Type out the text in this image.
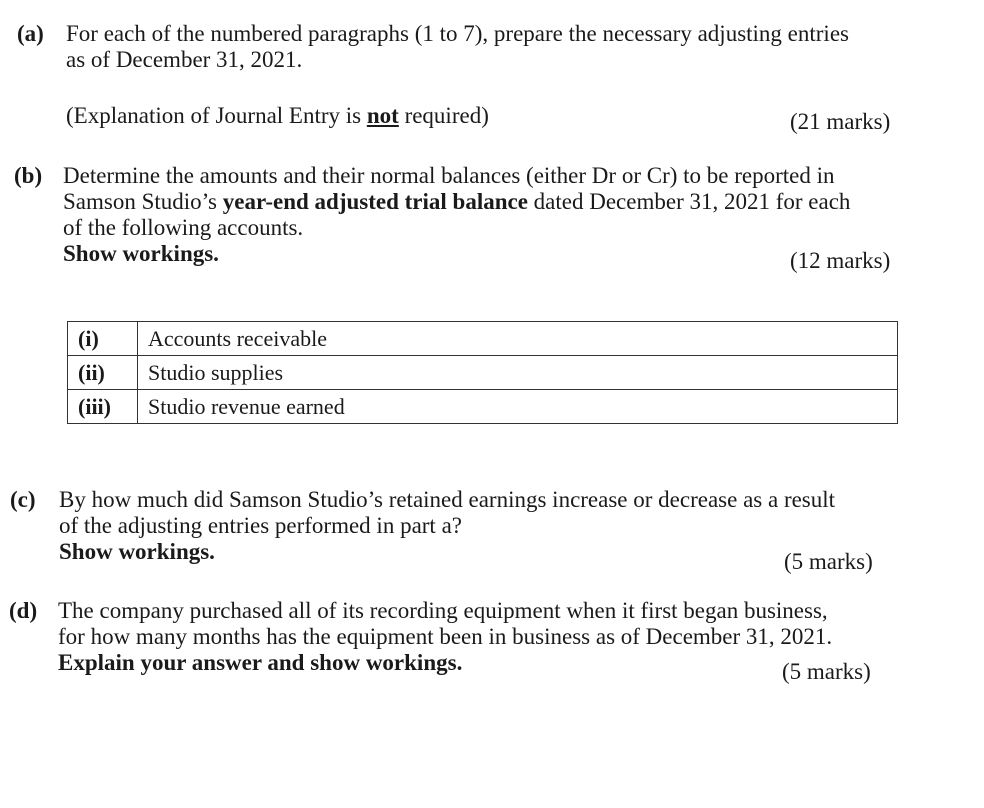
(a) For each of the numbered paragraphs (1 to 7), prepare the necessary adjusting entries
as of December 31, 2021.
(Explanation of Journal Entry is not required)	(21 marks)
(b) Determine the amounts and their normal balances (either Dr or Cr) to be reported in
Samson Studio’s year-end adjusted trial balance dated December 31, 2021 for each
of the following accounts.
Show workings.	(12 marks)
(i)	Accounts receivable
(ii)	Studio supplies
(iii)	Studio revenue earned
(c) By how much did Samson Studio’s retained earnings increase or decrease as a result
of the adjusting entries performed in part a?
Show workings.	(5 marks)
(d) The company purchased all of its recording equipment when it first began business,
for how many months has the equipment been in business as of December 31, 2021.
Explain your answer and show workings.	(5 marks)
